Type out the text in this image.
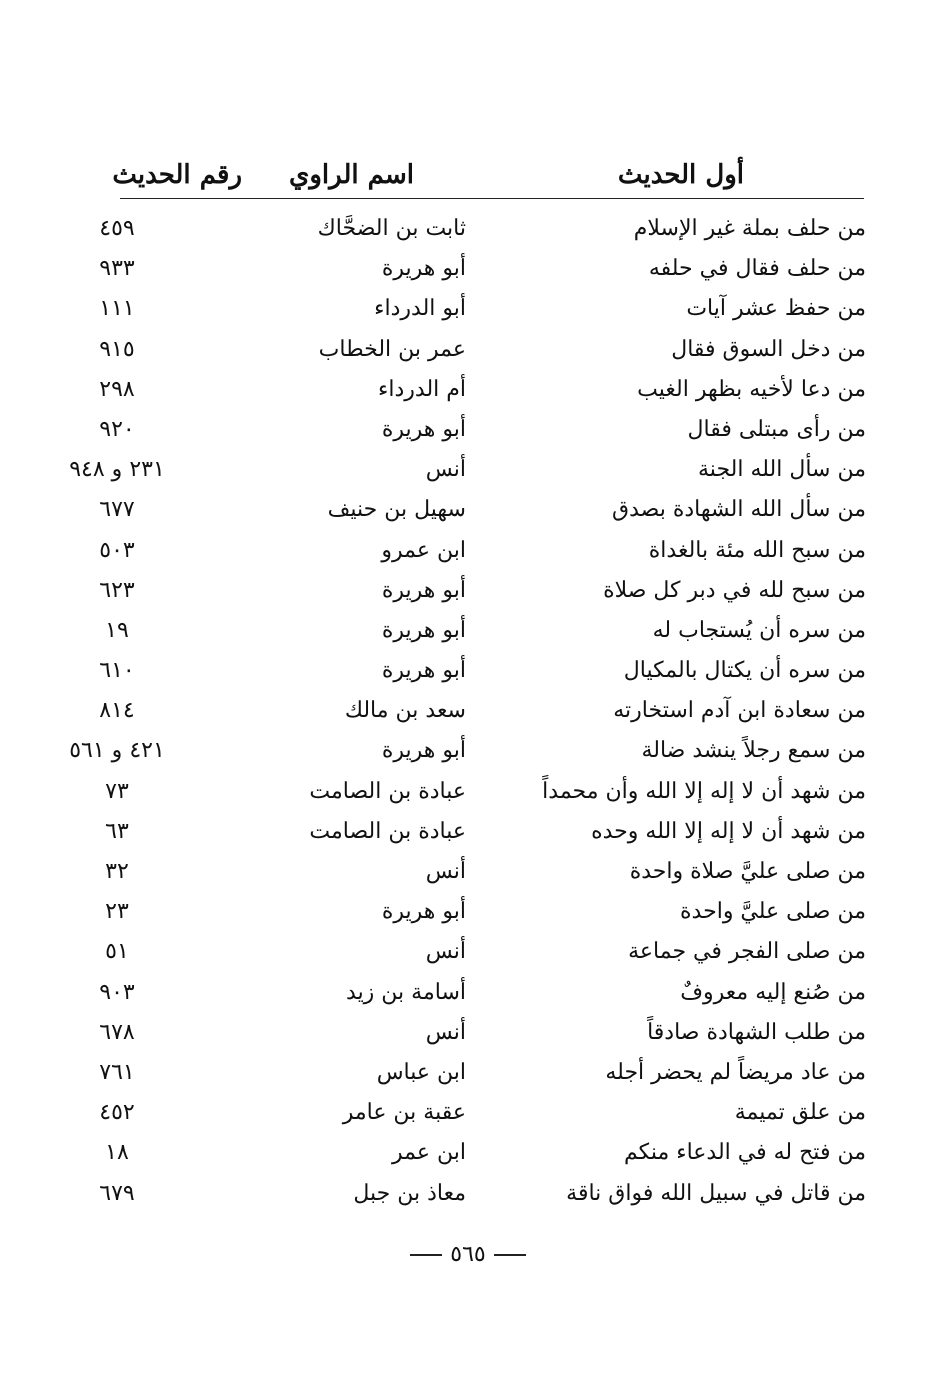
أول الحديث
اسم الراوي
رقم الحديث
من حلف بملة غير الإسلام
ثابت بن الضحَّاك
٤٥٩
من حلف فقال في حلفه
أبو هريرة
٩٣٣
من حفظ عشر آيات
أبو الدرداء
١١١
من دخل السوق فقال
عمر بن الخطاب
٩١٥
من دعا لأخيه بظهر الغيب
أم الدرداء
٢٩٨
من رأى مبتلى فقال
أبو هريرة
٩٢٠
من سأل الله الجنة
أنس
٢٣١ و ٩٤٨
من سأل الله الشهادة بصدق
سهيل بن حنيف
٦٧٧
من سبح الله مئة بالغداة
ابن عمرو
٥٠٣
من سبح لله في دبر كل صلاة
أبو هريرة
٦٢٣
من سره أن يُستجاب له
أبو هريرة
١٩
من سره أن يكتال بالمكيال
أبو هريرة
٦١٠
من سعادة ابن آدم استخارته
سعد بن مالك
٨١٤
من سمع رجلاً ينشد ضالة
أبو هريرة
٤٢١ و ٥٦١
من شهد أن لا إله إلا الله وأن محمداً
عبادة بن الصامت
٧٣
من شهد أن لا إله إلا الله وحده
عبادة بن الصامت
٦٣
من صلى عليَّ صلاة واحدة
أنس
٣٢
من صلى عليَّ واحدة
أبو هريرة
٢٣
من صلى الفجر في جماعة
أنس
٥١
من صُنع إليه معروفٌ
أسامة بن زيد
٩٠٣
من طلب الشهادة صادقاً
أنس
٦٧٨
من عاد مريضاً لم يحضر أجله
ابن عباس
٧٦١
من علق تميمة
عقبة بن عامر
٤٥٢
من فتح له في الدعاء منكم
ابن عمر
١٨
من قاتل في سبيل الله فواق ناقة
معاذ بن جبل
٦٧٩
٥٦٥
